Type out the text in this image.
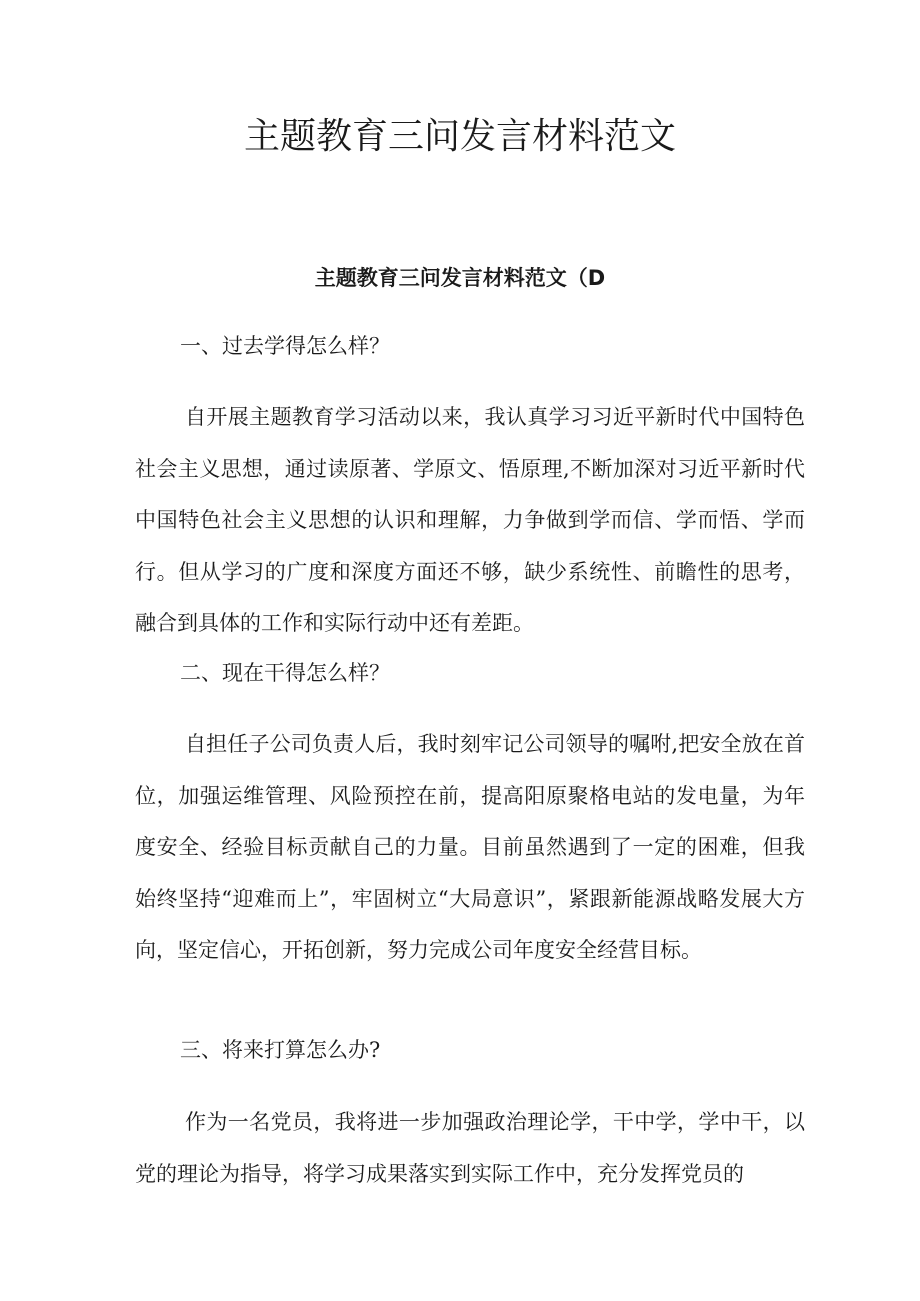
主题教育三问发言材料范文
主题教育三问发言材料范文（D

一、过去学得怎么样？

自开展主题教育学习活动以来，我认真学习习近平新时代中国特色社会主义思想，通过读原著、学原文、悟原理,不断加深对习近平新时代中国特色社会主义思想的认识和理解，力争做到学而信、学而悟、学而行。但从学习的广度和深度方面还不够，缺少系统性、前瞻性的思考，融合到具体的工作和实际行动中还有差距。

二、现在干得怎么样？

自担任子公司负责人后，我时刻牢记公司领导的嘱咐,把安全放在首位，加强运维管理、风险预控在前，提高阳原聚格电站的发电量，为年度安全、经验目标贡献自己的力量。目前虽然遇到了一定的困难，但我始终坚持“迎难而上”，牢固树立“大局意识”，紧跟新能源战略发展大方向，坚定信心，开拓创新，努力完成公司年度安全经营目标。

三、将来打算怎么办?

作为一名党员，我将进一步加强政治理论学，干中学，学中干，以党的理论为指导，将学习成果落实到实际工作中，充分发挥党员的
